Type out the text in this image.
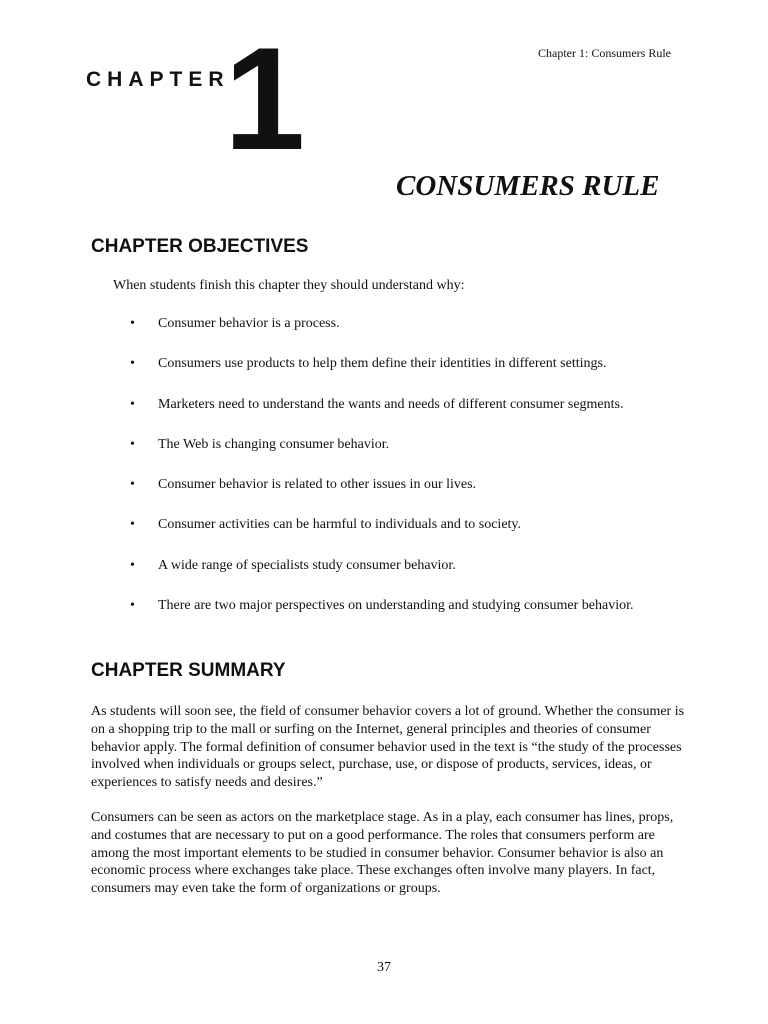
Chapter 1: Consumers Rule
CHAPTER
1
CONSUMERS RULE
CHAPTER OBJECTIVES

When students finish this chapter they should understand why:

• Consumer behavior is a process.
• Consumers use products to help them define their identities in different settings.
• Marketers need to understand the wants and needs of different consumer segments.
• The Web is changing consumer behavior.
• Consumer behavior is related to other issues in our lives.
• Consumer activities can be harmful to individuals and to society.
• A wide range of specialists study consumer behavior.
• There are two major perspectives on understanding and studying consumer behavior.
CHAPTER SUMMARY

As students will soon see, the field of consumer behavior covers a lot of ground. Whether the consumer is on a shopping trip to the mall or surfing on the Internet, general principles and theories of consumer behavior apply. The formal definition of consumer behavior used in the text is “the study of the processes involved when individuals or groups select, purchase, use, or dispose of products, services, ideas, or experiences to satisfy needs and desires.”

Consumers can be seen as actors on the marketplace stage. As in a play, each consumer has lines, props, and costumes that are necessary to put on a good performance. The roles that consumers perform are among the most important elements to be studied in consumer behavior. Consumer behavior is also an economic process where exchanges take place. These exchanges often involve many players. In fact, consumers may even take the form of organizations or groups.

37
